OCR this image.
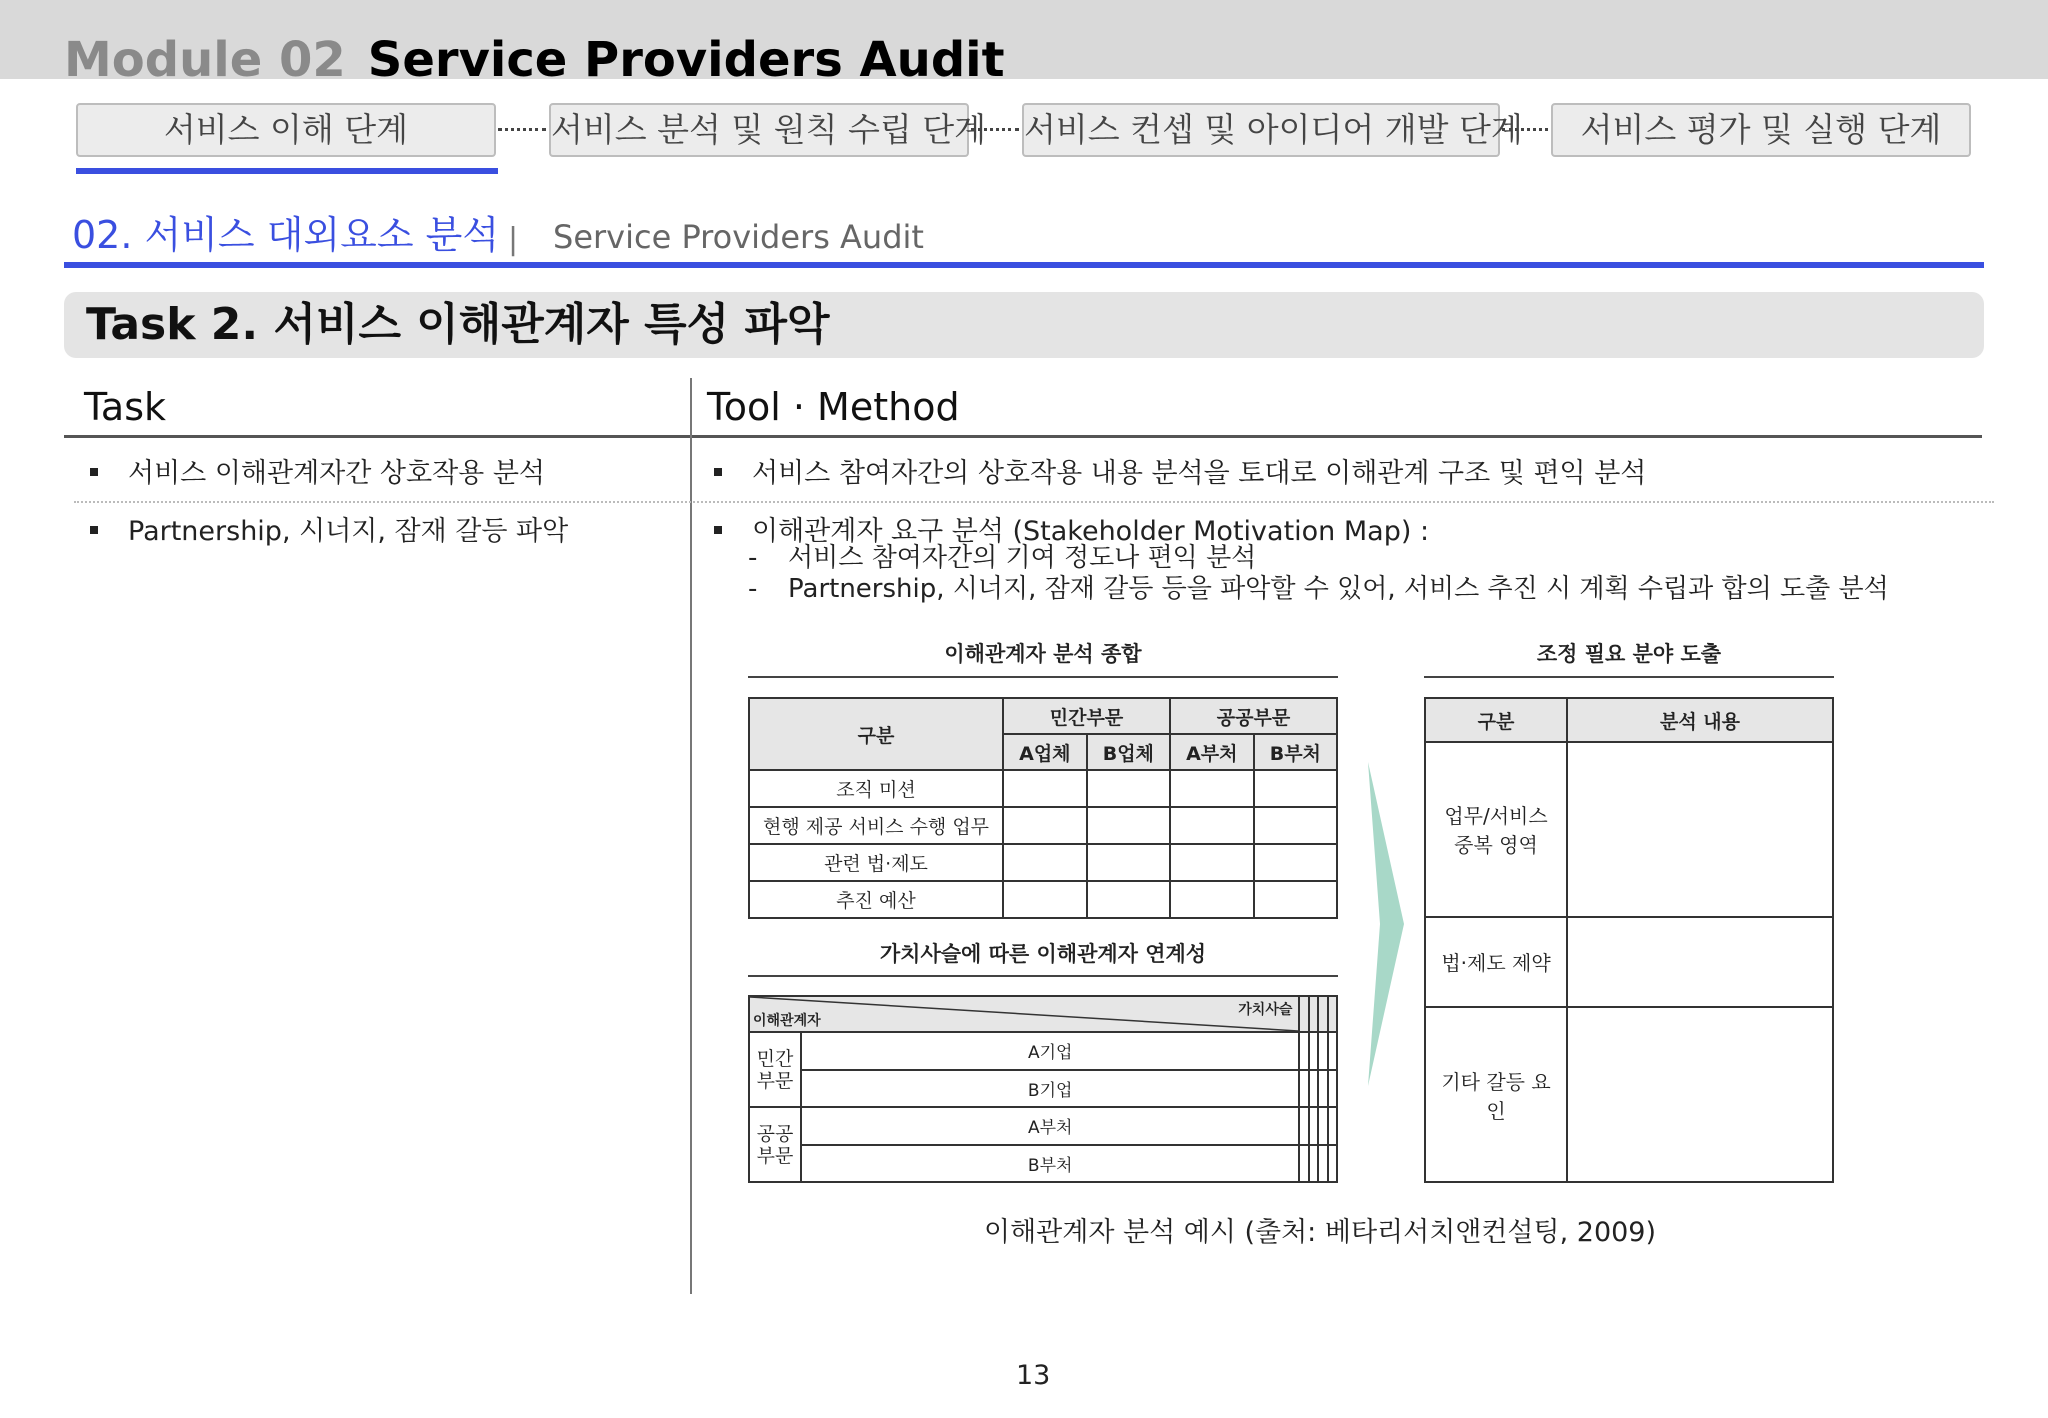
Module 02 Service Providers Audit
서비스 이해 단계	서비스 분석 및 원칙 수립 단계 서비스 컨셉 및 아이디어 개발 단계	서비스 평가 및 실행 단계
02. 서비스 대외요소 분석 | Service Providers Audit
Task 2. 서비스 이해관계자 특성 파악
Task	Tool · Method
서비스 이해관계자간 상호작용 분석	서비스 참여자간의 상호작용 내용 분석을 토대로 이해관계 구조 및 편익 분석
Partnership, 시너지, 잠재 갈등 파악	이해관계자 요구 분석 (Stakeholder Motivation Map) :
- 서비스 참여자간의 기여 정도나 편익 분석
- Partnership, 시너지, 잠재 갈등 등을 파악할 수 있어, 서비스 추진 시 계획 수립과 합의 도출 분석
이해관계자 분석 종합
구분	민간부문		공공부문	
	A업체	B업체	A부처	B부처
조직 미션				
현행 제공 서비스 수행 업무				
관련 법·제도				
추진 예산				
가치사슬에 따른 이해관계자 연계성
가치사슬
이해관계자					

민간 부문	A기업				
	B기업				
공공 부문	A부처				
	B부처				
조정 필요 분야 도출
구분	분석 내용
업무/서비스 중복 영역	
법·제도 제약	
기타 갈등 요인	
이해관계자 분석 예시 (출처: 베타리서치앤컨설팅, 2009)
13
